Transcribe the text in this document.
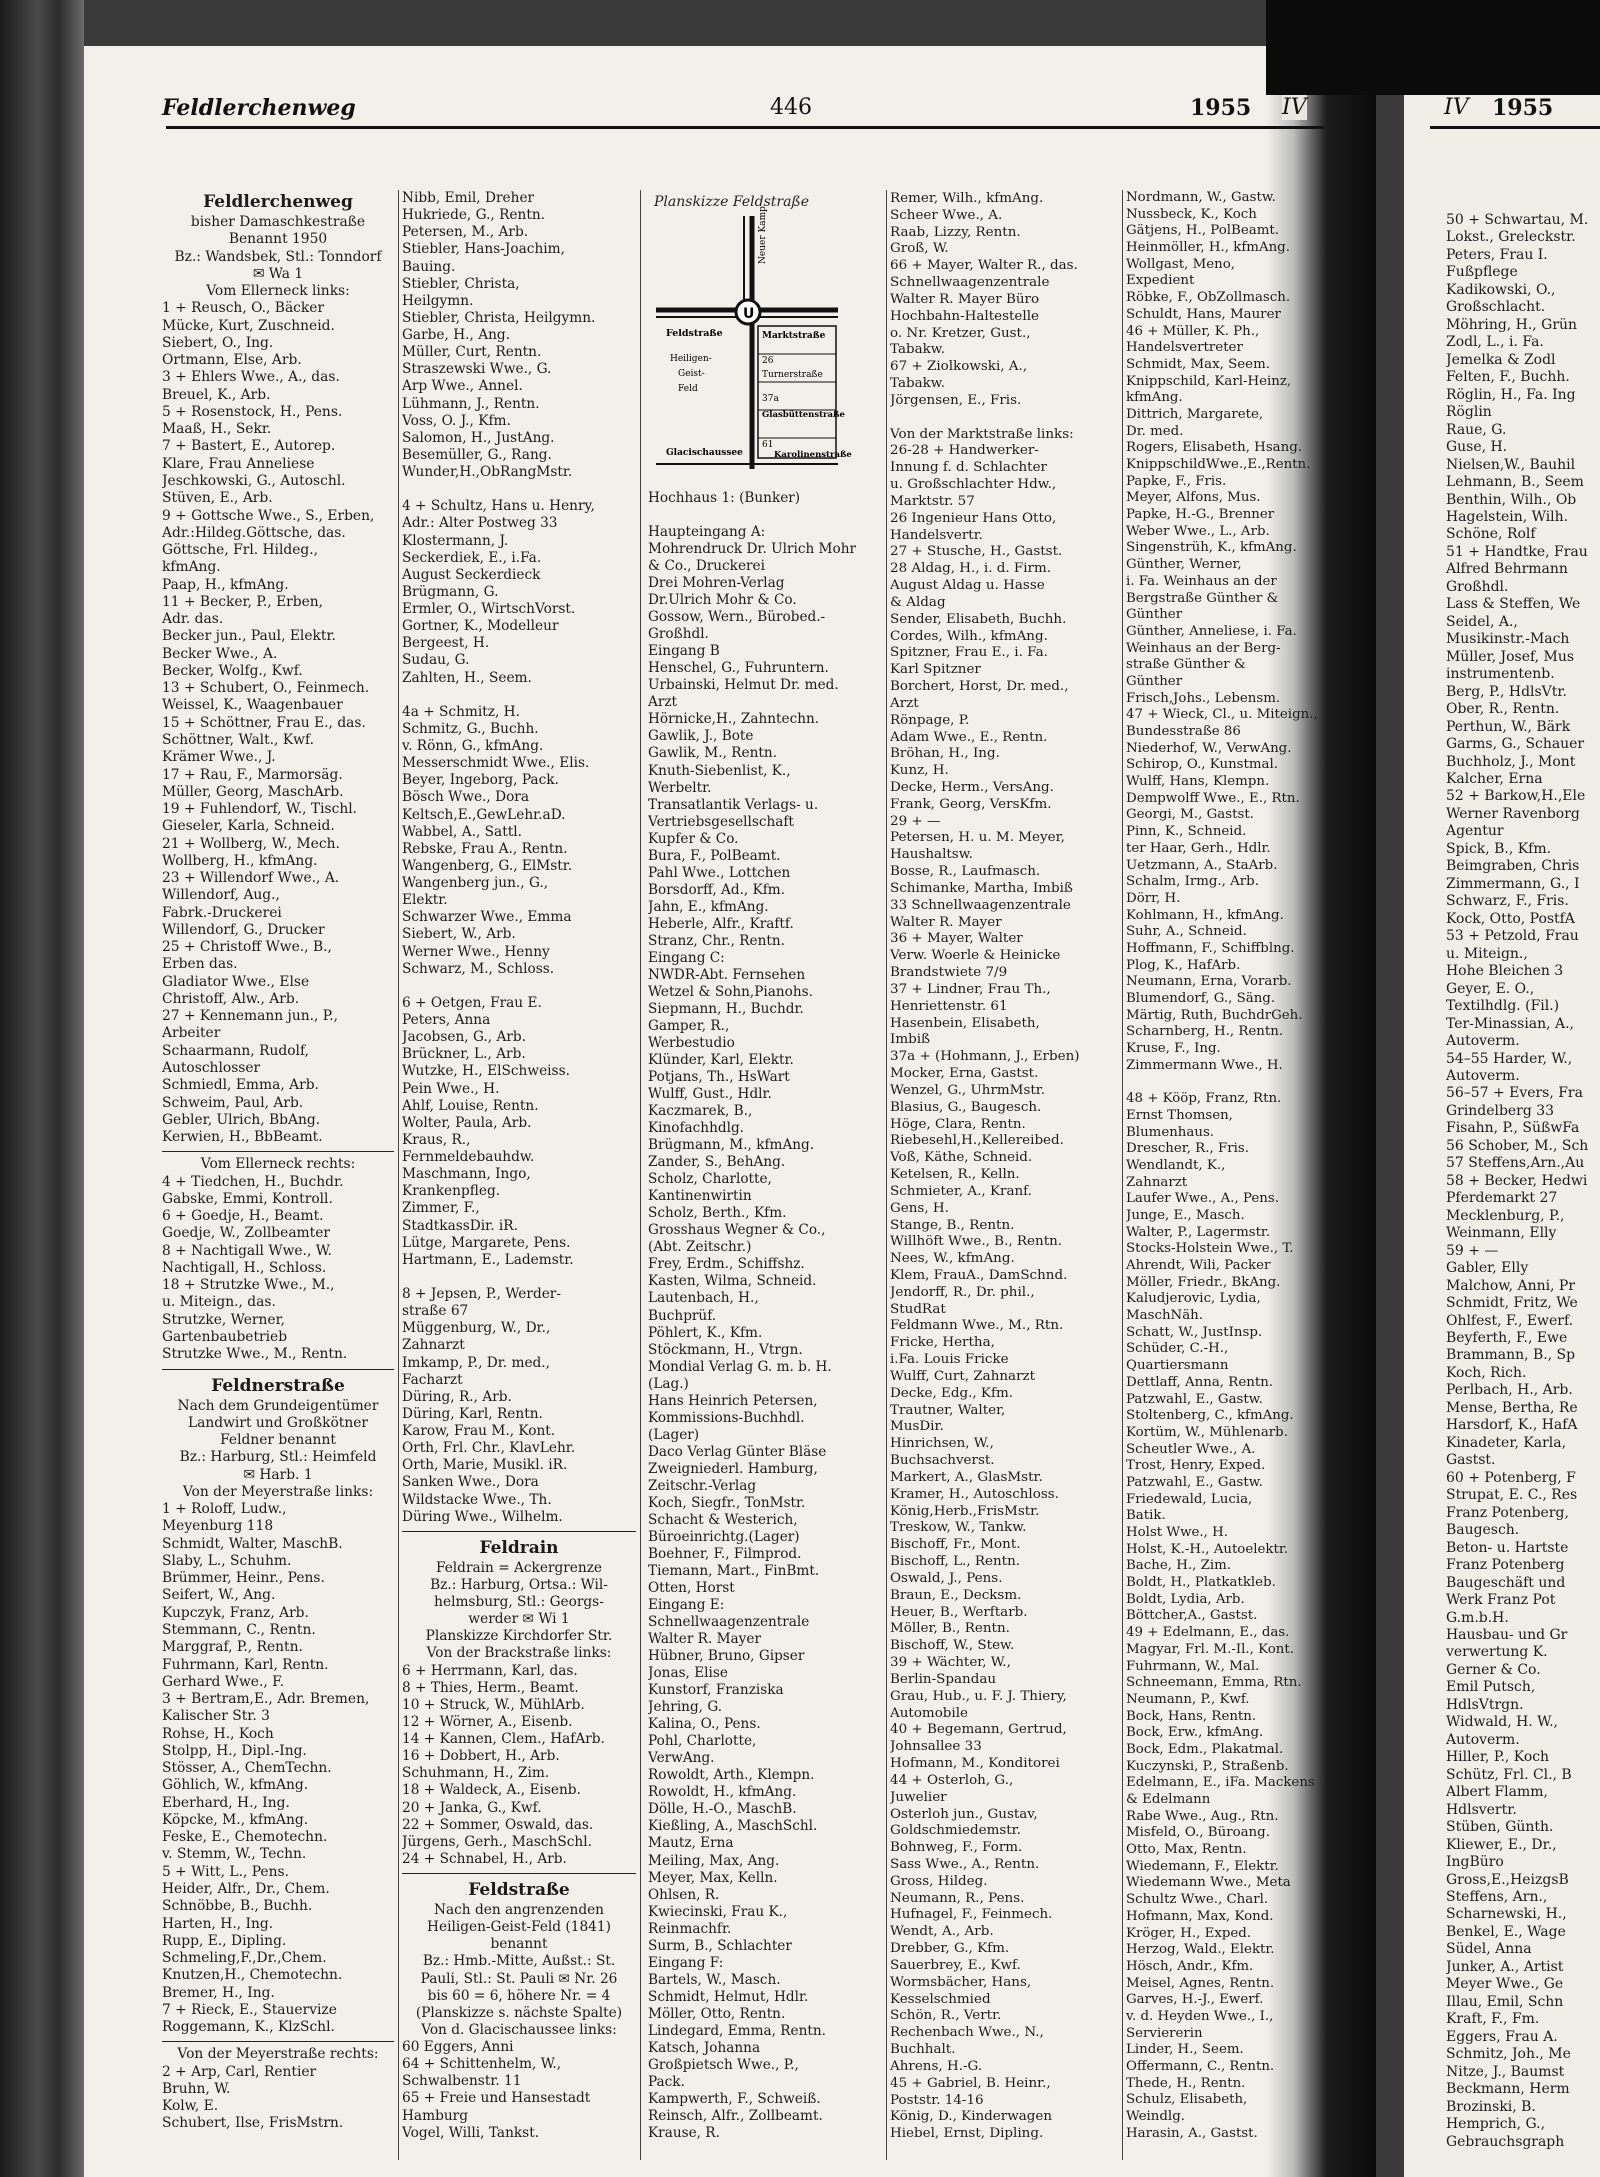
Feldlerchenweg	446	1955 IV	IV 1955
Planskizze Feldstraße
U
Neuer Kamp
Feldstraße
Heiligen-
Geist-
Feld
Marktstraße
26
Turnerstraße
37a
Glasbüttenstraße
Glacischaussee
61
Karolinenstraße
Feldlerchenweg
bisher Damaschkestraße
Benannt 1950
Bz.: Wandsbek, Stl.: Tonndorf
✉ Wa 1
Vom Ellerneck links:
1 + Reusch, O., Bäcker
Mücke, Kurt, Zuschneid.
Siebert, O., Ing.
Ortmann, Else, Arb.
3 + Ehlers Wwe., A., das.
Breuel, K., Arb.
5 + Rosenstock, H., Pens.
Maaß, H., Sekr.
7 + Bastert, E., Autorep.
Klare, Frau Anneliese
Jeschkowski, G., Autoschl.
Stüven, E., Arb.
9 + Gottsche Wwe., S., Erben,
Adr.:Hildeg.Göttsche, das.
Göttsche, Frl. Hildeg.,
kfmAng.
Paap, H., kfmAng.
11 + Becker, P., Erben,
Adr. das.
Becker jun., Paul, Elektr.
Becker Wwe., A.
Becker, Wolfg., Kwf.
13 + Schubert, O., Feinmech.
Weissel, K., Waagenbauer
15 + Schöttner, Frau E., das.
Schöttner, Walt., Kwf.
Krämer Wwe., J.
17 + Rau, F., Marmorsäg.
Müller, Georg, MaschArb.
19 + Fuhlendorf, W., Tischl.
Gieseler, Karla, Schneid.
21 + Wollberg, W., Mech.
Wollberg, H., kfmAng.
23 + Willendorf Wwe., A.
Willendorf, Aug.,
Fabrk.-Druckerei
Willendorf, G., Drucker
25 + Christoff Wwe., B.,
Erben das.
Gladiator Wwe., Else
Christoff, Alw., Arb.
27 + Kennemann jun., P.,
Arbeiter
Schaarmann, Rudolf,
Autoschlosser
Schmiedl, Emma, Arb.
Schweim, Paul, Arb.
Gebler, Ulrich, BbAng.
Kerwien, H., BbBeamt.
Vom Ellerneck rechts:
4 + Tiedchen, H., Buchdr.
Gabske, Emmi, Kontroll.
6 + Goedje, H., Beamt.
Goedje, W., Zollbeamter
8 + Nachtigall Wwe., W.
Nachtigall, H., Schloss.
18 + Strutzke Wwe., M.,
u. Miteign., das.
Strutzke, Werner,
Gartenbaubetrieb
Strutzke Wwe., M., Rentn.
Feldnerstraße
Nach dem Grundeigentümer
Landwirt und Großkötner
Feldner benannt
Bz.: Harburg, Stl.: Heimfeld
✉ Harb. 1
Von der Meyerstraße links:
1 + Roloff, Ludw.,
Meyenburg 118
Schmidt, Walter, MaschB.
Slaby, L., Schuhm.
Brümmer, Heinr., Pens.
Seifert, W., Ang.
Kupczyk, Franz, Arb.
Stemmann, C., Rentn.
Marggraf, P., Rentn.
Fuhrmann, Karl, Rentn.
Gerhard Wwe., F.
3 + Bertram,E., Adr. Bremen,
Kalischer Str. 3
Rohse, H., Koch
Stolpp, H., Dipl.-Ing.
Stösser, A., ChemTechn.
Göhlich, W., kfmAng.
Eberhard, H., Ing.
Köpcke, M., kfmAng.
Feske, E., Chemotechn.
v. Stemm, W., Techn.
5 + Witt, L., Pens.
Heider, Alfr., Dr., Chem.
Schnöbbe, B., Buchh.
Harten, H., Ing.
Rupp, E., Dipling.
Schmeling,F.,Dr.,Chem.
Knutzen,H., Chemotechn.
Bremer, H., Ing.
7 + Rieck, E., Stauervize
Roggemann, K., KlzSchl.
Von der Meyerstraße rechts:
2 + Arp, Carl, Rentier
Bruhn, W.
Kolw, E.
Schubert, Ilse, FrisMstrn.
Nibb, Emil, Dreher
Hukriede, G., Rentn.
Petersen, M., Arb.
Stiebler, Hans-Joachim,
Bauing.
Stiebler, Christa,
Heilgymn.
Stiebler, Christa, Heilgymn.
Garbe, H., Ang.
Müller, Curt, Rentn.
Straszewski Wwe., G.
Arp Wwe., Annel.
Lühmann, J., Rentn.
Voss, O. J., Kfm.
Salomon, H., JustAng.
Besemüller, G., Rang.
Wunder,H.,ObRangMstr.
4 + Schultz, Hans u. Henry,
Adr.: Alter Postweg 33
Klostermann, J.
Seckerdiek, E., i.Fa.
August Seckerdieck
Brügmann, G.
Ermler, O., WirtschVorst.
Gortner, K., Modelleur
Bergeest, H.
Sudau, G.
Zahlten, H., Seem.
4a + Schmitz, H.
Schmitz, G., Buchh.
v. Rönn, G., kfmAng.
Messerschmidt Wwe., Elis.
Beyer, Ingeborg, Pack.
Bösch Wwe., Dora
Keltsch,E.,GewLehr.aD.
Wabbel, A., Sattl.
Rebske, Frau A., Rentn.
Wangenberg, G., ElMstr.
Wangenberg jun., G.,
Elektr.
Schwarzer Wwe., Emma
Siebert, W., Arb.
Werner Wwe., Henny
Schwarz, M., Schloss.
6 + Oetgen, Frau E.
Peters, Anna
Jacobsen, G., Arb.
Brückner, L., Arb.
Wutzke, H., ElSchweiss.
Pein Wwe., H.
Ahlf, Louise, Rentn.
Wolter, Paula, Arb.
Kraus, R.,
Fernmeldebauhdw.
Maschmann, Ingo,
Krankenpfleg.
Zimmer, F.,
StadtkassDir. iR.
Lütge, Margarete, Pens.
Hartmann, E., Lademstr.
8 + Jepsen, P., Werder-
straße 67
Müggenburg, W., Dr.,
Zahnarzt
Imkamp, P., Dr. med.,
Facharzt
Düring, R., Arb.
Düring, Karl, Rentn.
Karow, Frau M., Kont.
Orth, Frl. Chr., KlavLehr.
Orth, Marie, Musikl. iR.
Sanken Wwe., Dora
Wildstacke Wwe., Th.
Düring Wwe., Wilhelm.
Feldrain
Feldrain = Ackergrenze
Bz.: Harburg, Ortsa.: Wil-
helmsburg, Stl.: Georgs-
werder ✉ Wi 1
Planskizze Kirchdorfer Str.
Von der Brackstraße links:
6 + Herrmann, Karl, das.
8 + Thies, Herm., Beamt.
10 + Struck, W., MühlArb.
12 + Wörner, A., Eisenb.
14 + Kannen, Clem., HafArb.
16 + Dobbert, H., Arb.
Schuhmann, H., Zim.
18 + Waldeck, A., Eisenb.
20 + Janka, G., Kwf.
22 + Sommer, Oswald, das.
Jürgens, Gerh., MaschSchl.
24 + Schnabel, H., Arb.
Feldstraße
Nach den angrenzenden
Heiligen-Geist-Feld (1841)
benannt
Bz.: Hmb.-Mitte, Außst.: St.
Pauli, Stl.: St. Pauli ✉ Nr. 26
bis 60 = 6, höhere Nr. = 4
(Planskizze s. nächste Spalte)
Von d. Glacischaussee links:
60 Eggers, Anni
64 + Schittenhelm, W.,
Schwalbenstr. 11
65 + Freie und Hansestadt
Hamburg
Vogel, Willi, Tankst.
Hochhaus 1: (Bunker)
Haupteingang A:
Mohrendruck Dr. Ulrich Mohr
& Co., Druckerei
Drei Mohren-Verlag
Dr.Ulrich Mohr & Co.
Gossow, Wern., Bürobed.-
Großhdl.
Eingang B
Henschel, G., Fuhruntern.
Urbainski, Helmut Dr. med.
Arzt
Hörnicke,H., Zahntechn.
Gawlik, J., Bote
Gawlik, M., Rentn.
Knuth-Siebenlist, K.,
Werbeltr.
Transatlantik Verlags- u.
Vertriebsgesellschaft
Kupfer & Co.
Bura, F., PolBeamt.
Pahl Wwe., Lottchen
Borsdorff, Ad., Kfm.
Jahn, E., kfmAng.
Heberle, Alfr., Kraftf.
Stranz, Chr., Rentn.
Eingang C:
NWDR-Abt. Fernsehen
Wetzel & Sohn,Pianohs.
Siepmann, H., Buchdr.
Gamper, R.,
Werbestudio
Klünder, Karl, Elektr.
Potjans, Th., HsWart
Wulff, Gust., Hdlr.
Kaczmarek, B.,
Kinofachhdlg.
Brügmann, M., kfmAng.
Zander, S., BehAng.
Scholz, Charlotte,
Kantinenwirtin
Scholz, Berth., Kfm.
Grosshaus Wegner & Co.,
(Abt. Zeitschr.)
Frey, Erdm., Schiffshz.
Kasten, Wilma, Schneid.
Lautenbach, H.,
Buchprüf.
Pöhlert, K., Kfm.
Stöckmann, H., Vtrgn.
Mondial Verlag G. m. b. H.
(Lag.)
Hans Heinrich Petersen,
Kommissions-Buchhdl.
(Lager)
Daco Verlag Günter Bläse
Zweigniederl. Hamburg,
Zeitschr.-Verlag
Koch, Siegfr., TonMstr.
Schacht & Westerich,
Büroeinrichtg.(Lager)
Boehner, F., Filmprod.
Tiemann, Mart., FinBmt.
Otten, Horst
Eingang E:
Schnellwaagenzentrale
Walter R. Mayer
Hübner, Bruno, Gipser
Jonas, Elise
Kunstorf, Franziska
Jehring, G.
Kalina, O., Pens.
Pohl, Charlotte,
VerwAng.
Rowoldt, Arth., Klempn.
Rowoldt, H., kfmAng.
Dölle, H.-O., MaschB.
Kießling, A., MaschSchl.
Mautz, Erna
Meiling, Max, Ang.
Meyer, Max, Kelln.
Ohlsen, R.
Kwiecinski, Frau K.,
Reinmachfr.
Surm, B., Schlachter
Eingang F:
Bartels, W., Masch.
Schmidt, Helmut, Hdlr.
Möller, Otto, Rentn.
Lindegard, Emma, Rentn.
Katsch, Johanna
Großpietsch Wwe., P.,
Pack.
Kampwerth, F., Schweiß.
Reinsch, Alfr., Zollbeamt.
Krause, R.
Remer, Wilh., kfmAng.
Scheer Wwe., A.
Raab, Lizzy, Rentn.
Groß, W.
66 + Mayer, Walter R., das.
Schnellwaagenzentrale
Walter R. Mayer Büro
Hochbahn-Haltestelle
o. Nr. Kretzer, Gust.,
Tabakw.
67 + Ziolkowski, A.,
Tabakw.
Jörgensen, E., Fris.
Von der Marktstraße links:
26-28 + Handwerker-
Innung f. d. Schlachter
u. Großschlachter Hdw.,
Marktstr. 57
26 Ingenieur Hans Otto,
Handelsvertr.
27 + Stusche, H., Gastst.
28 Aldag, H., i. d. Firm.
August Aldag u. Hasse
& Aldag
Sender, Elisabeth, Buchh.
Cordes, Wilh., kfmAng.
Spitzner, Frau E., i. Fa.
Karl Spitzner
Borchert, Horst, Dr. med.,
Arzt
Rönpage, P.
Adam Wwe., E., Rentn.
Bröhan, H., Ing.
Kunz, H.
Decke, Herm., VersAng.
Frank, Georg, VersKfm.
29 + —
Petersen, H. u. M. Meyer,
Haushaltsw.
Bosse, R., Laufmasch.
Schimanke, Martha, Imbiß
33 Schnellwaagenzentrale
Walter R. Mayer
36 + Mayer, Walter
Verw. Woerle & Heinicke
Brandstwiete 7/9
37 + Lindner, Frau Th.,
Henriettenstr. 61
Hasenbein, Elisabeth,
Imbiß
37a + (Hohmann, J., Erben)
Mocker, Erna, Gastst.
Wenzel, G., UhrmMstr.
Blasius, G., Baugesch.
Höge, Clara, Rentn.
Riebesehl,H.,Kellereibed.
Voß, Käthe, Schneid.
Ketelsen, R., Kelln.
Schmieter, A., Kranf.
Gens, H.
Stange, B., Rentn.
Willhöft Wwe., B., Rentn.
Nees, W., kfmAng.
Klem, FrauA., DamSchnd.
Jendorff, R., Dr. phil.,
StudRat
Feldmann Wwe., M., Rtn.
Fricke, Hertha,
i.Fa. Louis Fricke
Wulff, Curt, Zahnarzt
Decke, Edg., Kfm.
Trautner, Walter,
MusDir.
Hinrichsen, W.,
Buchsachverst.
Markert, A., GlasMstr.
Kramer, H., Autoschloss.
König,Herb.,FrisMstr.
Treskow, W., Tankw.
Bischoff, Fr., Mont.
Bischoff, L., Rentn.
Oswald, J., Pens.
Braun, E., Decksm.
Heuer, B., Werftarb.
Möller, B., Rentn.
Bischoff, W., Stew.
39 + Wächter, W.,
Berlin-Spandau
Grau, Hub., u. F. J. Thiery,
Automobile
40 + Begemann, Gertrud,
Johnsallee 33
Hofmann, M., Konditorei
44 + Osterloh, G.,
Juwelier
Osterloh jun., Gustav,
Goldschmiedemstr.
Bohnweg, F., Form.
Sass Wwe., A., Rentn.
Gross, Hildeg.
Neumann, R., Pens.
Hufnagel, F., Feinmech.
Wendt, A., Arb.
Drebber, G., Kfm.
Sauerbrey, E., Kwf.
Wormsbächer, Hans,
Kesselschmied
Schön, R., Vertr.
Rechenbach Wwe., N.,
Buchhalt.
Ahrens, H.-G.
45 + Gabriel, B. Heinr.,
Poststr. 14-16
König, D., Kinderwagen
Hiebel, Ernst, Dipling.
Nordmann, W., Gastw.
Nussbeck, K., Koch
Gätjens, H., PolBeamt.
Heinmöller, H., kfmAng.
Wollgast, Meno,
Expedient
Röbke, F., ObZollmasch.
Schuldt, Hans, Maurer
46 + Müller, K. Ph.,
Handelsvertreter
Schmidt, Max, Seem.
Knippschild, Karl-Heinz,
kfmAng.
Dittrich, Margarete,
Dr. med.
Rogers, Elisabeth, Hsang.
KnippschildWwe.,E.,Rentn.
Papke, F., Fris.
Meyer, Alfons, Mus.
Papke, H.-G., Brenner
Weber Wwe., L., Arb.
Singenstrüh, K., kfmAng.
Günther, Werner,
i. Fa. Weinhaus an der
Bergstraße Günther &
Günther
Günther, Anneliese, i. Fa.
Weinhaus an der Berg-
straße Günther &
Günther
Frisch,Johs., Lebensm.
47 + Wieck, Cl., u. Miteign.,
Bundesstraße 86
Niederhof, W., VerwAng.
Schirop, O., Kunstmal.
Wulff, Hans, Klempn.
Dempwolff Wwe., E., Rtn.
Georgi, M., Gastst.
Pinn, K., Schneid.
ter Haar, Gerh., Hdlr.
Uetzmann, A., StaArb.
Schalm, Irmg., Arb.
Dörr, H.
Kohlmann, H., kfmAng.
Suhr, A., Schneid.
Hoffmann, F., Schiffblng.
Plog, K., HafArb.
Neumann, Erna, Vorarb.
Blumendorf, G., Säng.
Märtig, Ruth, BuchdrGeh.
Scharnberg, H., Rentn.
Kruse, F., Ing.
Zimmermann Wwe., H.
48 + Kööp, Franz, Rtn.
Ernst Thomsen,
Blumenhaus.
Drescher, R., Fris.
Wendlandt, K.,
Zahnarzt
Laufer Wwe., A., Pens.
Junge, E., Masch.
Walter, P., Lagermstr.
Stocks-Holstein Wwe., T.
Ahrendt, Wili, Packer
Möller, Friedr., BkAng.
Kaludjerovic, Lydia,
MaschNäh.
Schatt, W., JustInsp.
Schüder, C.-H.,
Quartiersmann
Dettlaff, Anna, Rentn.
Patzwahl, E., Gastw.
Stoltenberg, C., kfmAng.
Kortüm, W., Mühlenarb.
Scheutler Wwe., A.
Trost, Henry, Exped.
Patzwahl, E., Gastw.
Friedewald, Lucia,
Batik.
Holst Wwe., H.
Holst, K.-H., Autoelektr.
Bache, H., Zim.
Boldt, H., Platkatkleb.
Boldt, Lydia, Arb.
Böttcher,A., Gastst.
49 + Edelmann, E., das.
Magyar, Frl. M.-Il., Kont.
Fuhrmann, W., Mal.
Schneemann, Emma, Rtn.
Neumann, P., Kwf.
Bock, Hans, Rentn.
Bock, Erw., kfmAng.
Bock, Edm., Plakatmal.
Kuczynski, P., Straßenb.
Edelmann, E., iFa. Mackens
& Edelmann
Rabe Wwe., Aug., Rtn.
Misfeld, O., Büroang.
Otto, Max, Rentn.
Wiedemann, F., Elektr.
Wiedemann Wwe., Meta
Schultz Wwe., Charl.
Hofmann, Max, Kond.
Kröger, H., Exped.
Herzog, Wald., Elektr.
Hösch, Andr., Kfm.
Meisel, Agnes, Rentn.
Garves, H.-J., Ewerf.
v. d. Heyden Wwe., I.,
Serviererin
Linder, H., Seem.
Offermann, C., Rentn.
Thede, H., Rentn.
Schulz, Elisabeth,
Weindlg.
Harasin, A., Gastst.
50 + Schwartau, M.
Lokst., Greleckstr.
Peters, Frau I.
Fußpflege
Kadikowski, O.,
Großschlacht.
Möhring, H., Grün
Zodl, L., i. Fa.
Jemelka & Zodl
Felten, F., Buchh.
Röglin, H., Fa. Ing
Röglin
Raue, G.
Guse, H.
Nielsen,W., Bauhil
Lehmann, B., Seem
Benthin, Wilh., Ob
Hagelstein, Wilh.
Schöne, Rolf
51 + Handtke, Frau
Alfred Behrmann
Großhdl.
Lass & Steffen, We
Seidel, A.,
Musikinstr.-Mach
Müller, Josef, Mus
instrumentenb.
Berg, P., HdlsVtr.
Ober, R., Rentn.
Perthun, W., Bärk
Garms, G., Schauer
Buchholz, J., Mont
Kalcher, Erna
52 + Barkow,H.,Ele
Werner Ravenborg
Agentur
Spick, B., Kfm.
Beimgraben, Chris
Zimmermann, G., I
Schwarz, F., Fris.
Kock, Otto, PostfA
53 + Petzold, Frau
u. Miteign.,
Hohe Bleichen 3
Geyer, E. O.,
Textilhdlg. (Fil.)
Ter-Minassian, A.,
Autoverm.
54–55 Harder, W.,
Autoverm.
56–57 + Evers, Fra
Grindelberg 33
Fisahn, P., SüßwFa
56 Schober, M., Sch
57 Steffens,Arn.,Au
58 + Becker, Hedwi
Pferdemarkt 27
Mecklenburg, P.,
Weinmann, Elly
59 + —
Gabler, Elly
Malchow, Anni, Pr
Schmidt, Fritz, We
Ohlfest, F., Ewerf.
Beyferth, F., Ewe
Brammann, B., Sp
Koch, Rich.
Perlbach, H., Arb.
Mense, Bertha, Re
Harsdorf, K., HafA
Kinadeter, Karla,
Gastst.
60 + Potenberg, F
Strupat, E. C., Res
Franz Potenberg,
Baugesch.
Beton- u. Hartste
Franz Potenberg
Baugeschäft und
Werk Franz Pot
G.m.b.H.
Hausbau- und Gr
verwertung K.
Gerner & Co.
Emil Putsch,
HdlsVtrgn.
Widwald, H. W.,
Autoverm.
Hiller, P., Koch
Schütz, Frl. Cl., B
Albert Flamm,
Hdlsvertr.
Stüben, Günth.
Kliewer, E., Dr.,
IngBüro
Gross,E.,HeizgsB
Steffens, Arn.,
Scharnewski, H.,
Benkel, E., Wage
Südel, Anna
Junker, A., Artist
Meyer Wwe., Ge
Illau, Emil, Schn
Kraft, F., Fm.
Eggers, Frau A.
Schmitz, Joh., Me
Nitze, J., Baumst
Beckmann, Herm
Brozinski, B.
Hemprich, G.,
Gebrauchsgraph
